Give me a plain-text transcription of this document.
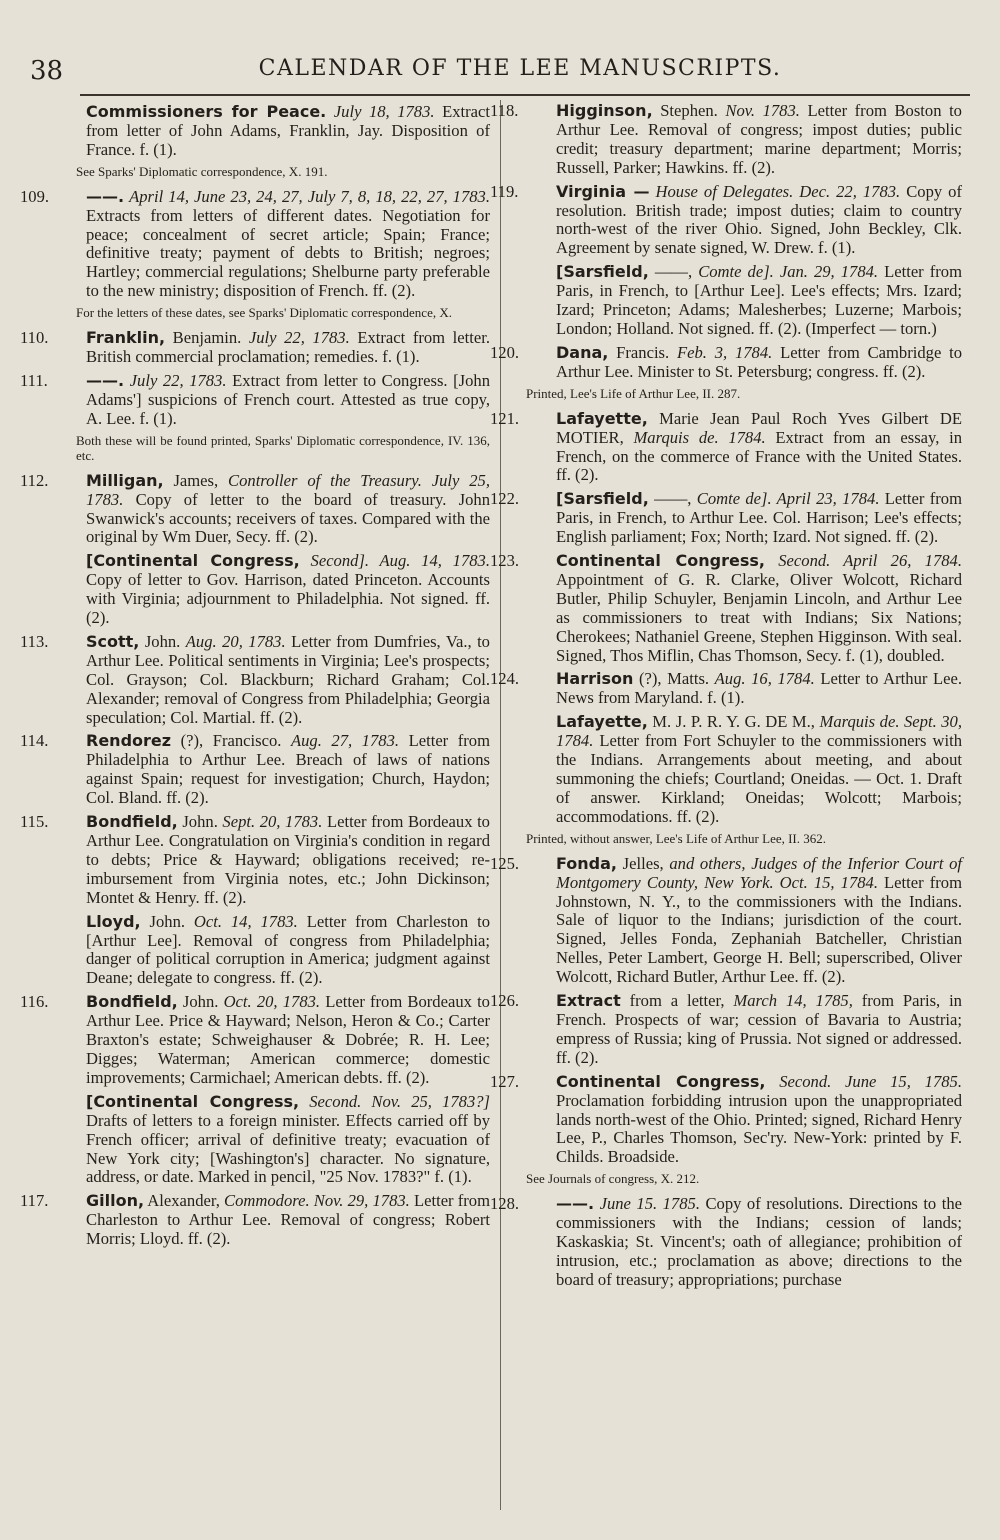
38	CALENDAR OF THE LEE MANUSCRIPTS.
Commissioners for Peace. July 18, 1783. Extract from letter of John Adams, Franklin, Jay. Disposition of France. f. (1).
See Sparks' Diplomatic correspondence, X. 191.
109.	——. April 14, June 23, 24, 27, July 7, 8, 18, 22, 27, 1783. Extracts from letters of different dates. Negotiation for peace; concealment of secret article; Spain; France; definitive treaty; payment of debts to British; negroes; Hartley; commercial regulations; Shelburne party preferable to the new ministry; disposition of French. ff. (2).
For the letters of these dates, see Sparks' Diplomatic correspondence, X.
110.	Franklin, Benjamin. July 22, 1783. Extract from letter. British commercial proclamation; remedies. f. (1).
111.	——. July 22, 1783. Extract from letter to Congress. [John Adams'] suspicions of French court. Attested as true copy, A. Lee. f. (1).
Both these will be found printed, Sparks' Diplomatic correspondence, IV. 136, etc.
112.	Milligan, James, Controller of the Treasury. July 25, 1783. Copy of letter to the board of treasury. John Swanwick's accounts; receivers of taxes. Compared with the original by Wm Duer, Secy. ff. (2).
[Continental Congress, Second]. Aug. 14, 1783. Copy of letter to Gov. Harrison, dated Princeton. Accounts with Virginia; adjournment to Philadelphia. Not signed. ff. (2).
113.	Scott, John. Aug. 20, 1783. Letter from Dumfries, Va., to Arthur Lee. Political sentiments in Virginia; Lee's prospects; Col. Grayson; Col. Blackburn; Richard Graham; Col. Alexander; removal of Congress from Philadelphia; Georgia speculation; Col. Martial. ff. (2).
114.	Rendorez (?), Francisco. Aug. 27, 1783. Letter from Philadelphia to Arthur Lee. Breach of laws of nations against Spain; request for investigation; Church, Haydon; Col. Bland. ff. (2).
115.	Bondfield, John. Sept. 20, 1783. Letter from Bordeaux to Arthur Lee. Congratulation on Virginia's condition in regard to debts; Price & Hayward; obligations received; re-imbursement from Virginia notes, etc.; John Dickinson; Montet & Henry. ff. (2).
Lloyd, John. Oct. 14, 1783. Letter from Charleston to [Arthur Lee]. Removal of congress from Philadelphia; danger of political corruption in America; judgment against Deane; delegate to congress. ff. (2).
116.	Bondfield, John. Oct. 20, 1783. Letter from Bordeaux to Arthur Lee. Price & Hayward; Nelson, Heron & Co.; Carter Braxton's estate; Schweighauser & Dobrée; R. H. Lee; Digges; Waterman; American commerce; domestic improvements; Carmichael; American debts. ff. (2).
[Continental Congress, Second. Nov. 25, 1783?] Drafts of letters to a foreign minister. Effects carried off by French officer; arrival of definitive treaty; evacuation of New York city; [Washington's] character. No signature, address, or date. Marked in pencil, "25 Nov. 1783?" f. (1).
117.	Gillon, Alexander, Commodore. Nov. 29, 1783. Letter from Charleston to Arthur Lee. Removal of congress; Robert Morris; Lloyd. ff. (2).
118.	Higginson, Stephen. Nov. 1783. Letter from Boston to Arthur Lee. Removal of congress; impost duties; public credit; treasury department; marine department; Morris; Russell, Parker; Hawkins. ff. (2).
119.	Virginia — House of Delegates. Dec. 22, 1783. Copy of resolution. British trade; impost duties; claim to country north-west of the river Ohio. Signed, John Beckley, Clk. Agreement by senate signed, W. Drew. f. (1).
[Sarsfield, ——, Comte de]. Jan. 29, 1784. Letter from Paris, in French, to [Arthur Lee]. Lee's effects; Mrs. Izard; Izard; Princeton; Adams; Malesherbes; Luzerne; Marbois; London; Holland. Not signed. ff. (2). (Imperfect — torn.)
120.	Dana, Francis. Feb. 3, 1784. Letter from Cambridge to Arthur Lee. Minister to St. Petersburg; congress. ff. (2).
Printed, Lee's Life of Arthur Lee, II. 287.
121.	Lafayette, Marie Jean Paul Roch Yves Gilbert DE MOTIER, Marquis de. 1784. Extract from an essay, in French, on the commerce of France with the United States. ff. (2).
122.	[Sarsfield, ——, Comte de]. April 23, 1784. Letter from Paris, in French, to Arthur Lee. Col. Harrison; Lee's effects; English parliament; Fox; North; Izard. Not signed. ff. (2).
123.	Continental Congress, Second. April 26, 1784. Appointment of G. R. Clarke, Oliver Wolcott, Richard Butler, Philip Schuyler, Benjamin Lincoln, and Arthur Lee as commissioners to treat with Indians; Six Nations; Cherokees; Nathaniel Greene, Stephen Higginson. With seal. Signed, Thos Miflin, Chas Thomson, Secy. f. (1), doubled.
124.	Harrison (?), Matts. Aug. 16, 1784. Letter to Arthur Lee. News from Maryland. f. (1).
Lafayette, M. J. P. R. Y. G. DE M., Marquis de. Sept. 30, 1784. Letter from Fort Schuyler to the commissioners with the Indians. Arrangements about meeting, and about summoning the chiefs; Courtland; Oneidas. — Oct. 1. Draft of answer. Kirkland; Oneidas; Wolcott; Marbois; accommodations. ff. (2).
Printed, without answer, Lee's Life of Arthur Lee, II. 362.
125.	Fonda, Jelles, and others, Judges of the Inferior Court of Montgomery County, New York. Oct. 15, 1784. Letter from Johnstown, N. Y., to the commissioners with the Indians. Sale of liquor to the Indians; jurisdiction of the court. Signed, Jelles Fonda, Zephaniah Batcheller, Christian Nelles, Peter Lambert, George H. Bell; superscribed, Oliver Wolcott, Richard Butler, Arthur Lee. ff. (2).
126.	Extract from a letter, March 14, 1785, from Paris, in French. Prospects of war; cession of Bavaria to Austria; empress of Russia; king of Prussia. Not signed or addressed. ff. (2).
127.	Continental Congress, Second. June 15, 1785. Proclamation forbidding intrusion upon the unappropriated lands north-west of the Ohio. Printed; signed, Richard Henry Lee, P., Charles Thomson, Sec'ry. New-York: printed by F. Childs. Broadside.
See Journals of congress, X. 212.
128.	——. June 15. 1785. Copy of resolutions. Directions to the commissioners with the Indians; cession of lands; Kaskaskia; St. Vincent's; oath of allegiance; prohibition of intrusion, etc.; proclamation as above; directions to the board of treasury; appropriations; purchase
